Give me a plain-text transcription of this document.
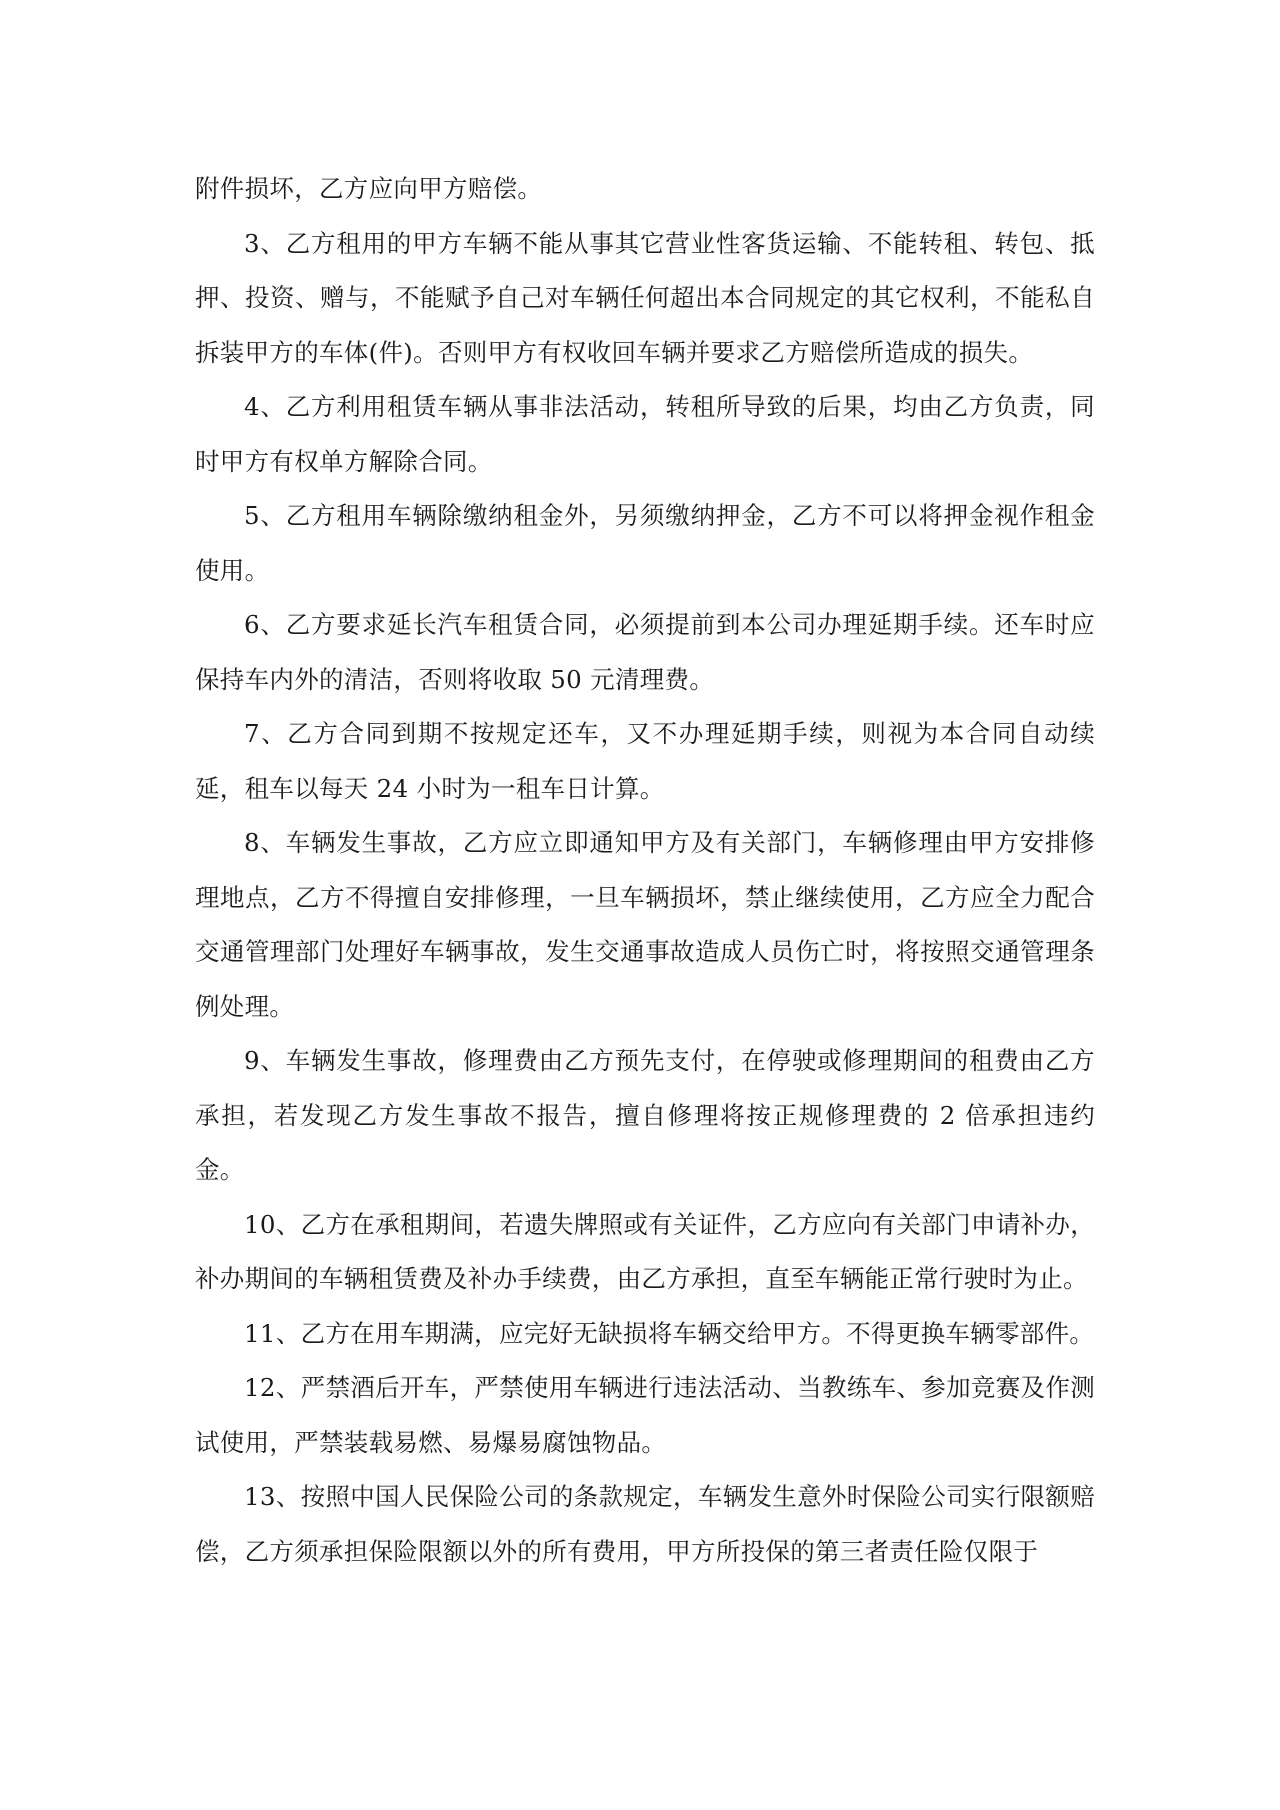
附件损坏，乙方应向甲方赔偿。

3、乙方租用的甲方车辆不能从事其它营业性客货运输、不能转租、转包、抵押、投资、赠与，不能赋予自己对车辆任何超出本合同规定的其它权利，不能私自拆装甲方的车体(件)。否则甲方有权收回车辆并要求乙方赔偿所造成的损失。

4、乙方利用租赁车辆从事非法活动，转租所导致的后果，均由乙方负责，同时甲方有权单方解除合同。

5、乙方租用车辆除缴纳租金外，另须缴纳押金，乙方不可以将押金视作租金使用。

6、乙方要求延长汽车租赁合同，必须提前到本公司办理延期手续。还车时应保持车内外的清洁，否则将收取 50 元清理费。

7、乙方合同到期不按规定还车，又不办理延期手续，则视为本合同自动续延，租车以每天 24 小时为一租车日计算。

8、车辆发生事故，乙方应立即通知甲方及有关部门，车辆修理由甲方安排修理地点，乙方不得擅自安排修理，一旦车辆损坏，禁止继续使用，乙方应全力配合交通管理部门处理好车辆事故，发生交通事故造成人员伤亡时，将按照交通管理条例处理。

9、车辆发生事故，修理费由乙方预先支付，在停驶或修理期间的租费由乙方承担，若发现乙方发生事故不报告，擅自修理将按正规修理费的 2 倍承担违约金。

10、乙方在承租期间，若遗失牌照或有关证件，乙方应向有关部门申请补办，补办期间的车辆租赁费及补办手续费，由乙方承担，直至车辆能正常行驶时为止。

11、乙方在用车期满，应完好无缺损将车辆交给甲方。不得更换车辆零部件。

12、严禁酒后开车，严禁使用车辆进行违法活动、当教练车、参加竞赛及作测试使用，严禁装载易燃、易爆易腐蚀物品。

13、按照中国人民保险公司的条款规定，车辆发生意外时保险公司实行限额赔偿，乙方须承担保险限额以外的所有费用，甲方所投保的第三者责任险仅限于
